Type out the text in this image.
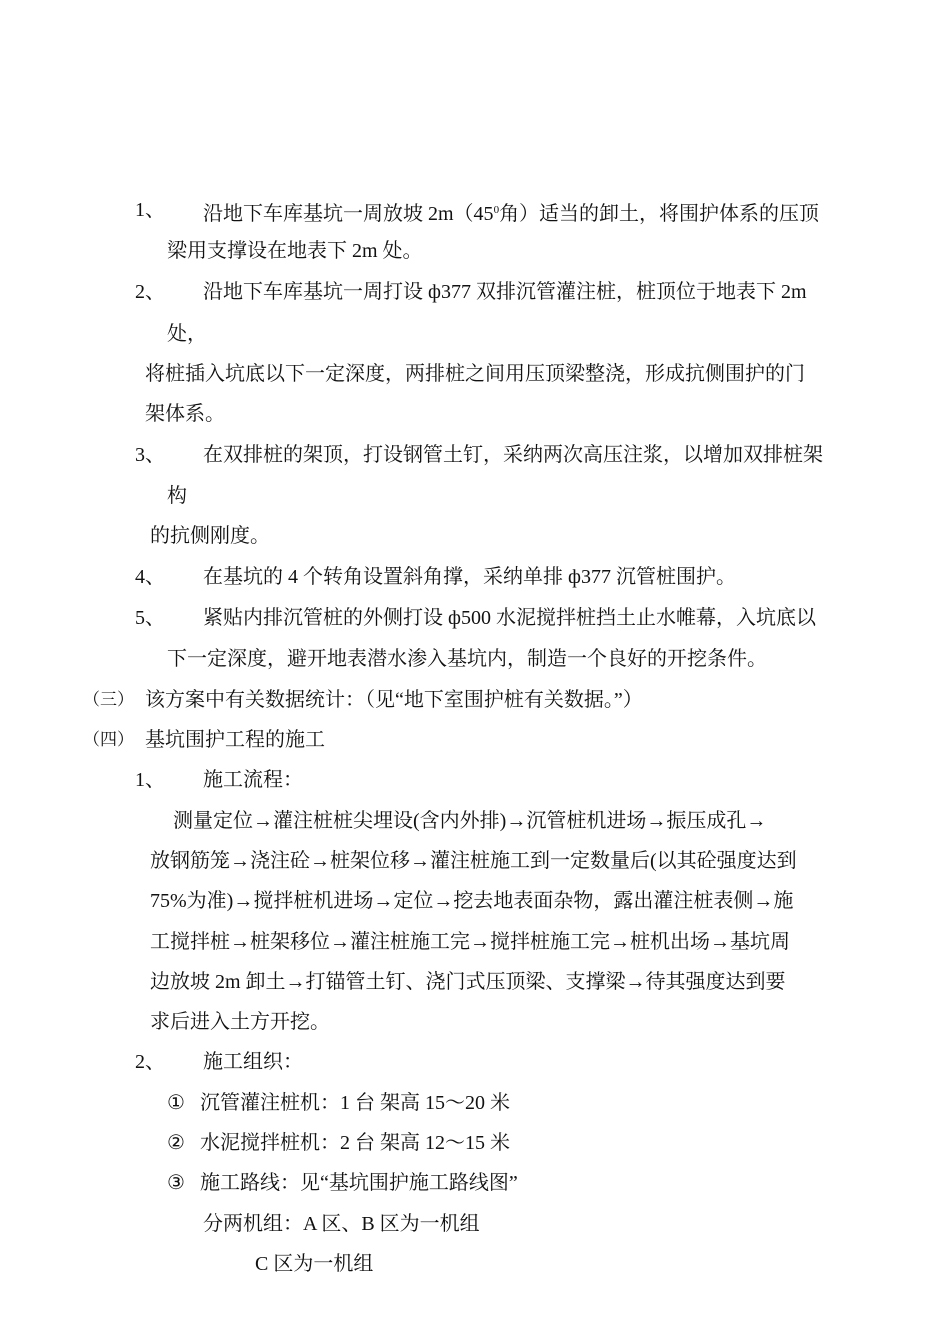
1、 沿地下车库基坑一周放坡 $2m(45^0$角）适当的卸土，将围护体系的压顶
梁用支撑设在地表下 2m 处。
2、 沿地下车库基坑一周打设 ф377 双排沉管灌注桩，桩顶位于地表下 2m
处，
将桩插入坑底以下一定深度，两排桩之间用压顶梁整浇，形成抗侧围护的门
架体系。
3、 在双排桩的架顶，打设钢管土钉，采纳两次高压注浆，以增加双排桩架
构
的抗侧刚度。
4、 在基坑的 4 个转角设置斜角撑，采纳单排 ф377 沉管桩围护。
5、 紧贴内排沉管桩的外侧打设 ф500 水泥搅拌桩挡土止水帷幕，入坑底以
下一定深度，避开地表潜水渗入基坑内，制造一个良好的开挖条件。
（三） 该方案中有关数据统计：（见“地下室围护桩有关数据。”）
（四） 基坑围护工程的施工
1、 施工流程：
测量定位→灌注桩桩尖埋设(含内外排)→沉管桩机进场→振压成孔→
放钢筋笼→浇注砼→桩架位移→灌注桩施工到一定数量后(以其砼强度达到
75%为准)→搅拌桩机进场→定位→挖去地表面杂物，露出灌注桩表侧→施
工搅拌桩→桩架移位→灌注桩施工完→搅拌桩施工完→桩机出场→基坑周
边放坡 2m 卸土→打锚管土钉、浇门式压顶梁、支撑梁→待其强度达到要
求后进入土方开挖。
2、 施工组织：
① 沉管灌注桩机：1 台 架高 15～20 米
② 水泥搅拌桩机：2 台 架高 12～15 米
③ 施工路线：见“基坑围护施工路线图”
分两机组：A 区、B 区为一机组
C 区为一机组
